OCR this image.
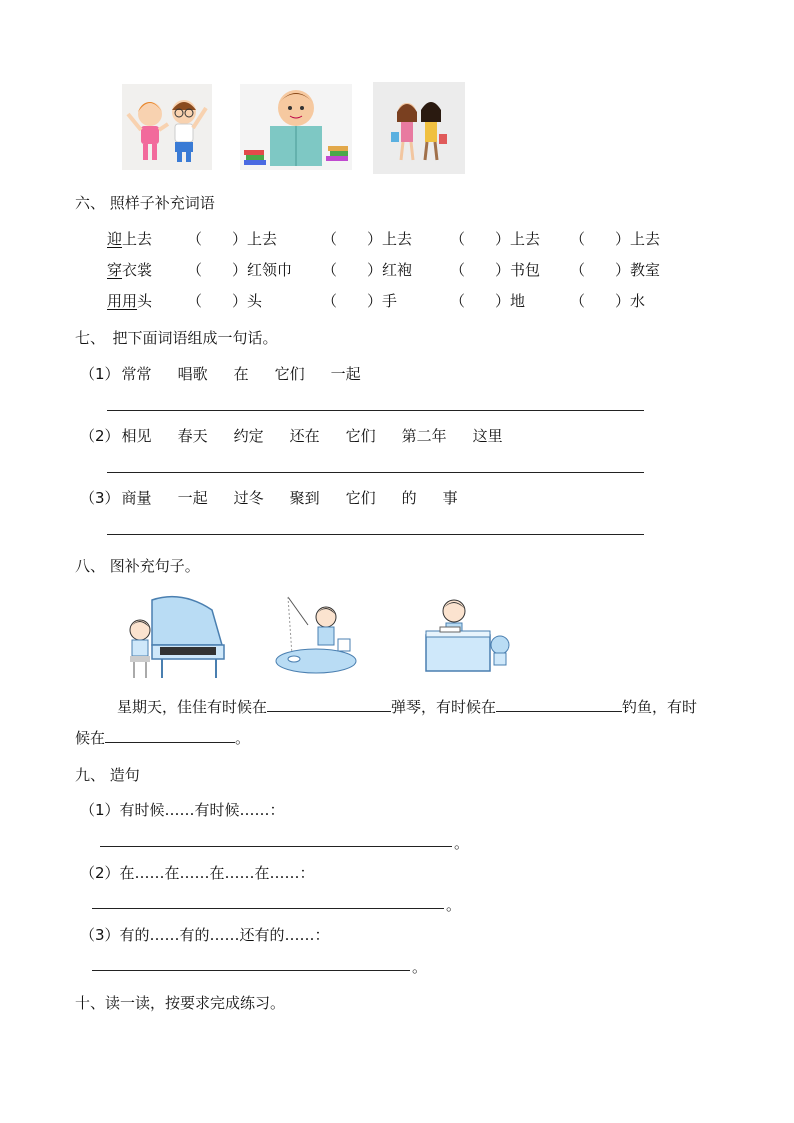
六、 照样子补充词语
迎上去 （　　）上去	（　　）上去	（　　）上去 （　　）上去
穿衣裳 （　　）红领巾 （　　）红袍	（　　）书包 （　　）教室
用用头 （　　）头	（　　）手	（　　）地	（　　）水
七、　把下面词语组成一句话。
（1） 常常 唱歌 在 它们 一起
（2） 相见 春天 约定 还在 它们 第二年 这里
（3） 商量 一起 过冬 聚到 它们 的 事
八、 图补充句子。
星期天，佳佳有时候在	弹琴，有时候在	钓鱼，有时
候在	。
九、 造句
（1）有时候……有时候……：
。
（2）在……在……在……在……：
。
（3）有的……有的……还有的……：
。
十、读一读，按要求完成练习。
